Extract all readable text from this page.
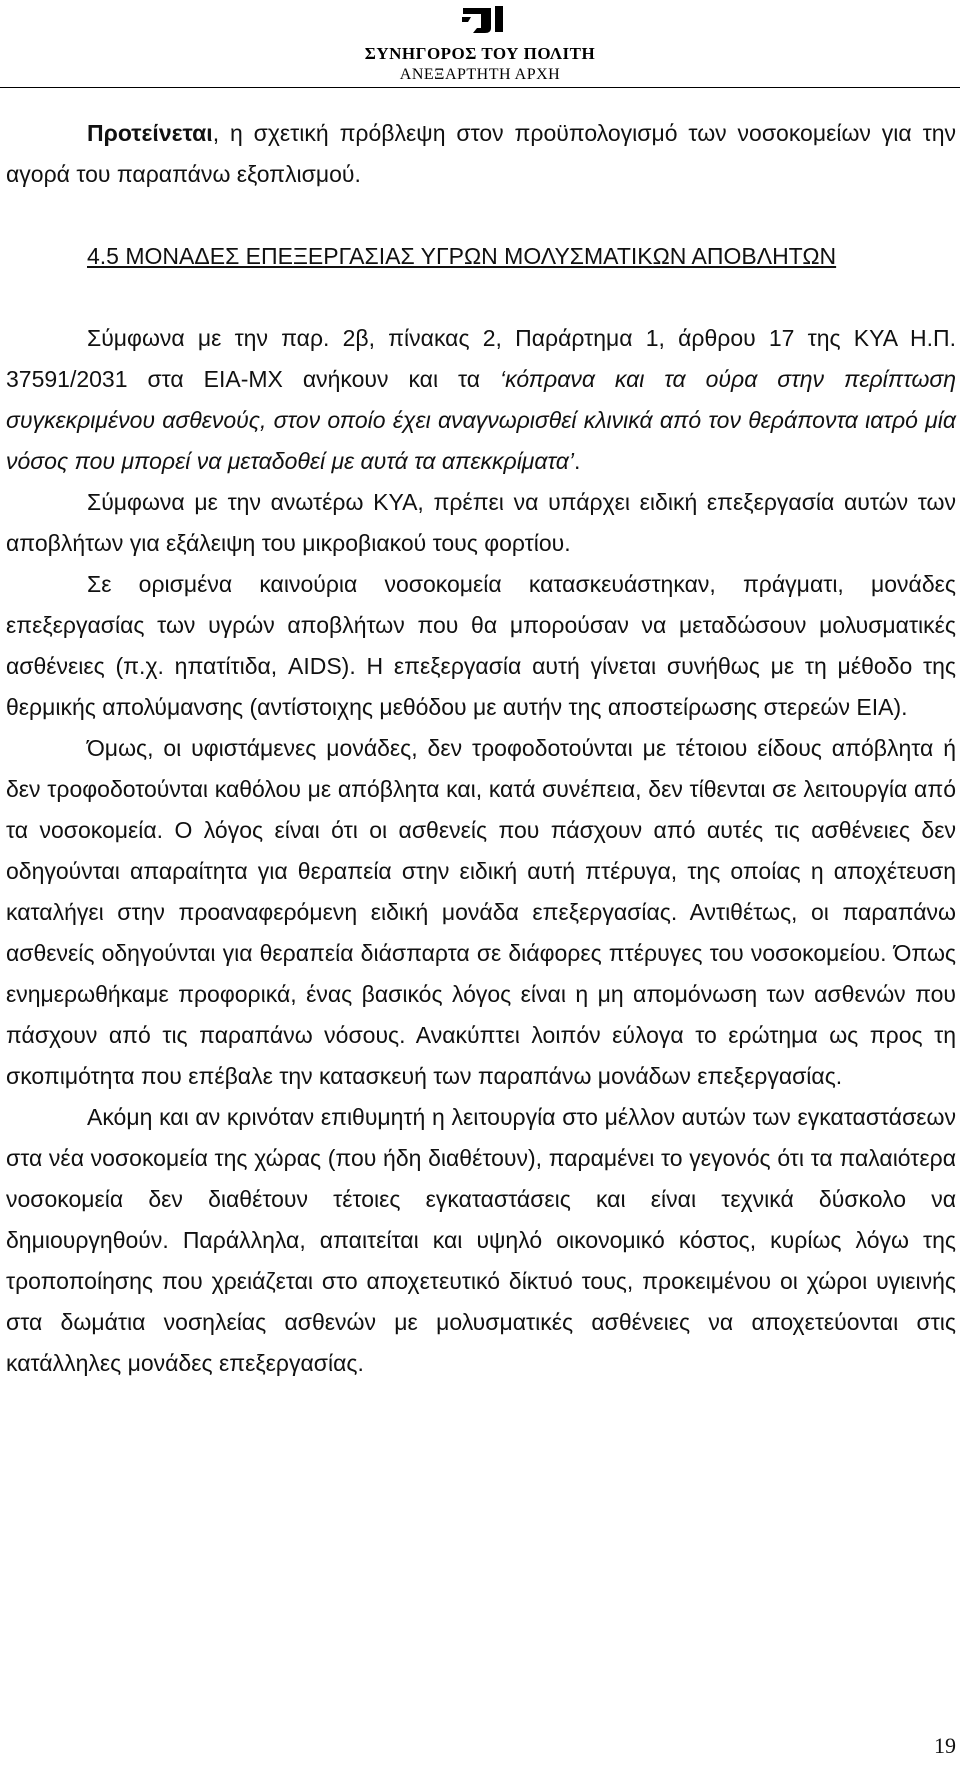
ΣΥΝΗΓΟΡΟΣ ΤΟΥ ΠΟΛΙΤΗ
ΑΝΕΞΑΡΤΗΤΗ ΑΡΧΗ

Προτείνεται, η σχετική πρόβλεψη στον προϋπολογισμό των νοσοκομείων για την αγορά του παραπάνω εξοπλισμού.

4.5 ΜΟΝΑΔΕΣ ΕΠΕΞΕΡΓΑΣΙΑΣ ΥΓΡΩΝ ΜΟΛΥΣΜΑΤΙΚΩΝ ΑΠΟΒΛΗΤΩΝ

Σύμφωνα με την παρ. 2β, πίνακας 2, Παράρτημα 1, άρθρου 17 της ΚΥΑ Η.Π. 37591/2031 στα ΕΙΑ-ΜΧ ανήκουν και τα ‘κόπρανα και τα ούρα στην περίπτωση συγκεκριμένου ασθενούς, στον οποίο έχει αναγνωρισθεί κλινικά από τον θεράποντα ιατρό μία νόσος που μπορεί να μεταδοθεί με αυτά τα απεκκρίματα’.

Σύμφωνα με την ανωτέρω ΚΥΑ, πρέπει να υπάρχει ειδική επεξεργασία αυτών των αποβλήτων για εξάλειψη του μικροβιακού τους φορτίου.

Σε ορισμένα καινούρια νοσοκομεία κατασκευάστηκαν, πράγματι, μονάδες επεξεργασίας των υγρών αποβλήτων που θα μπορούσαν να μεταδώσουν μολυσματικές ασθένειες (π.χ. ηπατίτιδα, AIDS). Η επεξεργασία αυτή γίνεται συνήθως με τη μέθοδο της θερμικής απολύμανσης (αντίστοιχης μεθόδου με αυτήν της αποστείρωσης στερεών ΕΙΑ).

Όμως, οι υφιστάμενες μονάδες, δεν τροφοδοτούνται με τέτοιου είδους απόβλητα ή δεν τροφοδοτούνται καθόλου με απόβλητα και, κατά συνέπεια, δεν τίθενται σε λειτουργία από τα νοσοκομεία. Ο λόγος είναι ότι οι ασθενείς που πάσχουν από αυτές τις ασθένειες δεν οδηγούνται απαραίτητα για θεραπεία στην ειδική αυτή πτέρυγα, της οποίας η αποχέτευση καταλήγει στην προαναφερόμενη ειδική μονάδα επεξεργασίας. Αντιθέτως, οι παραπάνω ασθενείς οδηγούνται για θεραπεία διάσπαρτα σε διάφορες πτέρυγες του νοσοκομείου. Όπως ενημερωθήκαμε προφορικά, ένας βασικός λόγος είναι η μη απομόνωση των ασθενών που πάσχουν από τις παραπάνω νόσους. Ανακύπτει λοιπόν εύλογα το ερώτημα ως προς τη σκοπιμότητα που επέβαλε την κατασκευή των παραπάνω μονάδων επεξεργασίας.

Ακόμη και αν κρινόταν επιθυμητή η λειτουργία στο μέλλον αυτών των εγκαταστάσεων στα νέα νοσοκομεία της χώρας (που ήδη διαθέτουν), παραμένει το γεγονός ότι τα παλαιότερα νοσοκομεία δεν διαθέτουν τέτοιες εγκαταστάσεις και είναι τεχνικά δύσκολο να δημιουργηθούν. Παράλληλα, απαιτείται και υψηλό οικονομικό κόστος, κυρίως λόγω της τροποποίησης που χρειάζεται στο αποχετευτικό δίκτυό τους, προκειμένου οι χώροι υγιεινής στα δωμάτια νοσηλείας ασθενών με μολυσματικές ασθένειες να αποχετεύονται στις κατάλληλες μονάδες επεξεργασίας.

19
